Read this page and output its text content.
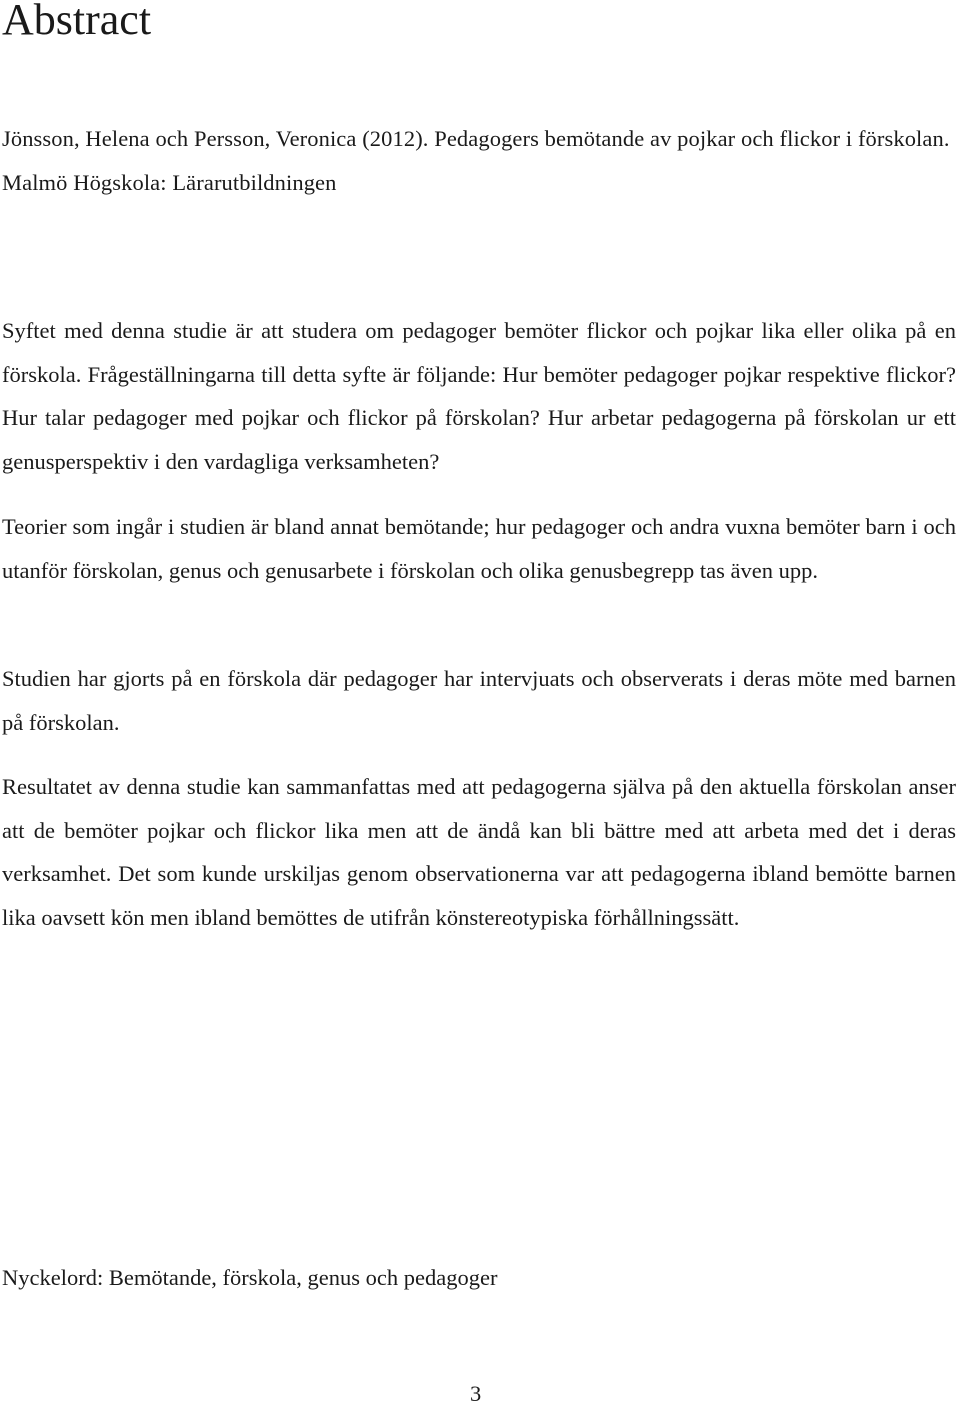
Abstract
Jönsson, Helena och Persson, Veronica (2012). Pedagogers bemötande av pojkar och flickor i förskolan.
Malmö Högskola: Lärarutbildningen

Syftet med denna studie är att studera om pedagoger bemöter flickor och pojkar lika eller olika på en förskola. Frågeställningarna till detta syfte är följande: Hur bemöter pedagoger pojkar respektive flickor? Hur talar pedagoger med pojkar och flickor på förskolan? Hur arbetar pedagogerna på förskolan ur ett genusperspektiv i den vardagliga verksamheten?

Teorier som ingår i studien är bland annat bemötande; hur pedagoger och andra vuxna bemöter barn i och utanför förskolan, genus och genusarbete i förskolan och olika genusbegrepp tas även upp.

Studien har gjorts på en förskola där pedagoger har intervjuats och observerats i deras möte med barnen på förskolan.

Resultatet av denna studie kan sammanfattas med att pedagogerna själva på den aktuella förskolan anser att de bemöter pojkar och flickor lika men att de ändå kan bli bättre med att arbeta med det i deras verksamhet. Det som kunde urskiljas genom observationerna var att pedagogerna ibland bemötte barnen lika oavsett kön men ibland bemöttes de utifrån könstereotypiska förhållningssätt.

Nyckelord: Bemötande, förskola, genus och pedagoger

3
